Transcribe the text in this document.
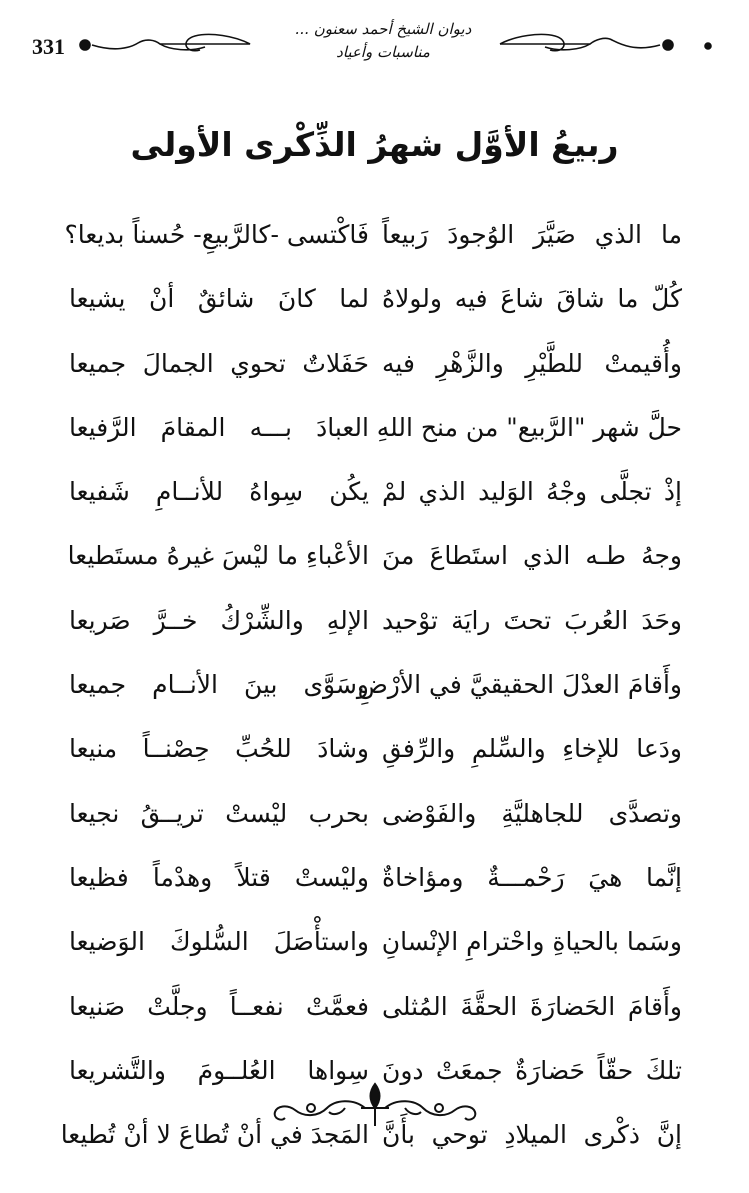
331
ديوان الشيخ أحمد سعنون ... مناسبات وأعياد
ربيعُ الأوَّل شهرُ الذِّكْرى الأولى
ما الذي صَيَّرَ الوُجودَ رَبيعاً
فَاكْتسى -كالرَّبيعِ- حُسناً بديعا؟
كُلّ ما شاقَ شاعَ فيه ولولاهُ
لما كانَ شائقٌ أنْ يشيعا
وأُقيمتْ للطَّيْرِ والزَّهْرِ فيه
حَفَلاتٌ تحوي الجمالَ جميعا
حلَّ شهر "الرَّبيع" من منح اللهِ
العبادَ بـــه المقامَ الرَّفيعا
إذْ تجلَّى وجْهُ الوَليد الذي لمْ
يكُن سِواهُ للأنــامِ شَفيعا
وجهُ طـه الذي استَطاعَ منَ
الأعْباءِ ما ليْسَ غيرهُ مستَطيعا
وحَدَ العُربَ تحتَ رايَة توْحيد
الإلهِ والشِّرْكُ خــرَّ صَريعا
وأَقامَ العدْلَ الحقيقيَّ في الأرْضِ
وسَوَّى بينَ الأنــام جميعا
ودَعا للإخاءِ والسِّلمِ والرِّفقِ
وشادَ للحُبِّ حِصْنــاً منيعا
وتصدَّى للجاهليَّةِ والفَوْضى
بحرب ليْستْ تريــقُ نجيعا
إنَّما هيَ رَحْمـــةٌ ومؤاخاةٌ
وليْستْ قتلاً وهدْماً فظيعا
وسَما بالحياةِ واحْترامِ الإنْسانِ
واستأْصَلَ السُّلوكَ الوَضيعا
وأَقامَ الحَضارَةَ الحقَّةَ المُثلى
فعمَّتْ نفعــاً وجلَّتْ صَنيعا
تلكَ حقّاً حَضارَةٌ جمعَتْ دونَ
سِواها العُلــومَ والتَّشريعا
إنَّ ذكْرى الميلادِ توحي بأَنَّ
المَجدَ في أنْ تُطاعَ لا أنْ تُطيعا
